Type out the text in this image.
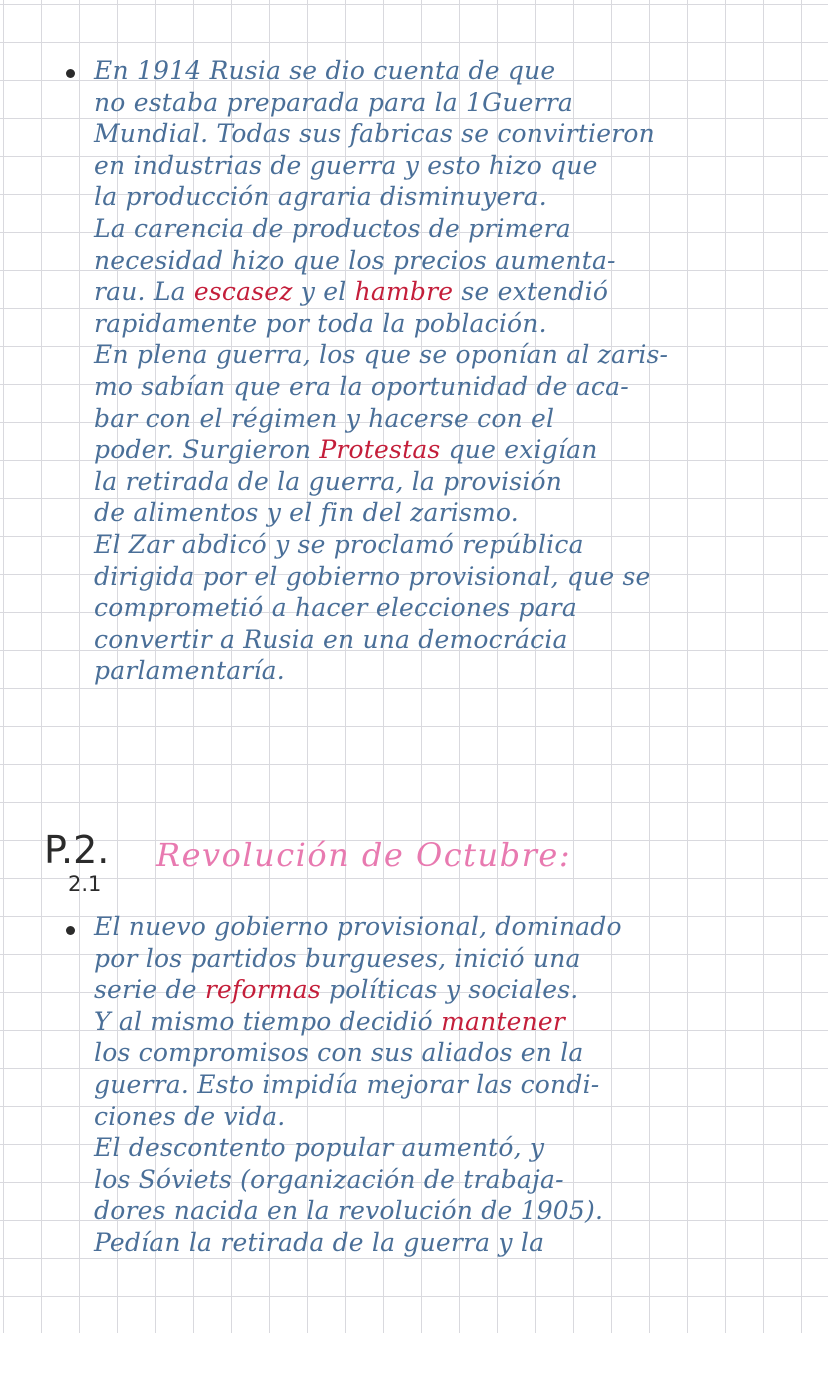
En 1914 Rusia se dio cuenta de que
no estaba preparada para la 1Guerra
Mundial. Todas sus fabricas se convirtieron
en industrias de guerra y esto hizo que
la producción agraria disminuyera.
La carencia de productos de primera
necesidad hizo que los precios aumenta-
rau. La escasez y el hambre se extendió
rapidamente por toda la población.
En plena guerra, los que se oponían al zaris-
mo sabían que era la oportunidad de aca-
bar con el régimen y hacerse con el
poder. Surgieron Protestas que exigían
la retirada de la guerra, la provisión
de alimentos y el fin del zarismo.
El Zar abdicó y se proclamó república
dirigida por el gobierno provisional, que se
comprometió a hacer elecciones para
convertir a Rusia en una democrácia
parlamentaría.
P.2. Revolución de Octubre:
2.1
El nuevo gobierno provisional, dominado
por los partidos burgueses, inició una
serie de reformas políticas y sociales.
Y al mismo tiempo decidió mantener
los compromisos con sus aliados en la
guerra. Esto impidía mejorar las condi-
ciones de vida.
El descontento popular aumentó, y
los Sóviets (organización de trabaja-
dores nacida en la revolución de 1905).
Pedían la retirada de la guerra y la
